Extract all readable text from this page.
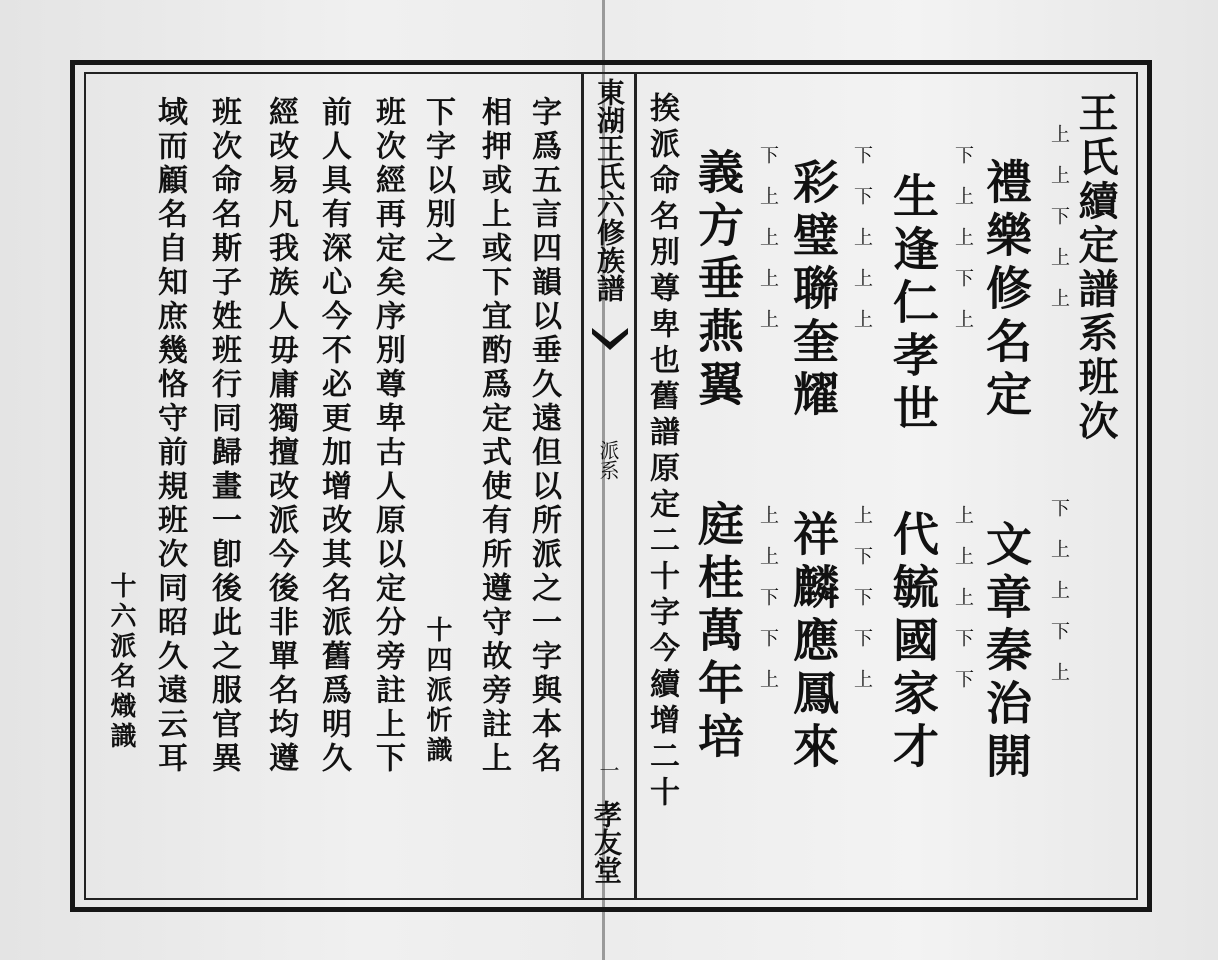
東湖王氏六修族譜
派系
一
孝友堂
王氏續定譜系班次
上上下上上
禮樂修名定
下上上下上
文章秦治開
下上上下上
生逢仁孝世
上上上下下
代毓國家才
下下上上上
彩璧聯奎耀
上下下下上
祥麟應鳳來
下上上上上
義方垂燕翼
上上下下上
庭桂萬年培
挨派命名別尊卑也舊譜原定二十字今續增二十
字爲五言四韻以垂久遠但以所派之一字與本名
相押或上或下宜酌爲定式使有所遵守故旁註上
下字以別之
十四派忻識
班次經再定矣序別尊卑古人原以定分旁註上下
前人具有深心今不必更加增改其名派舊爲明久
經改易凡我族人毋庸獨擅改派今後非單名均遵
班次命名斯子姓班行同歸畫一卽後此之服官異
域而顧名自知庶幾恪守前規班次同昭久遠云耳
十六派名熾識
